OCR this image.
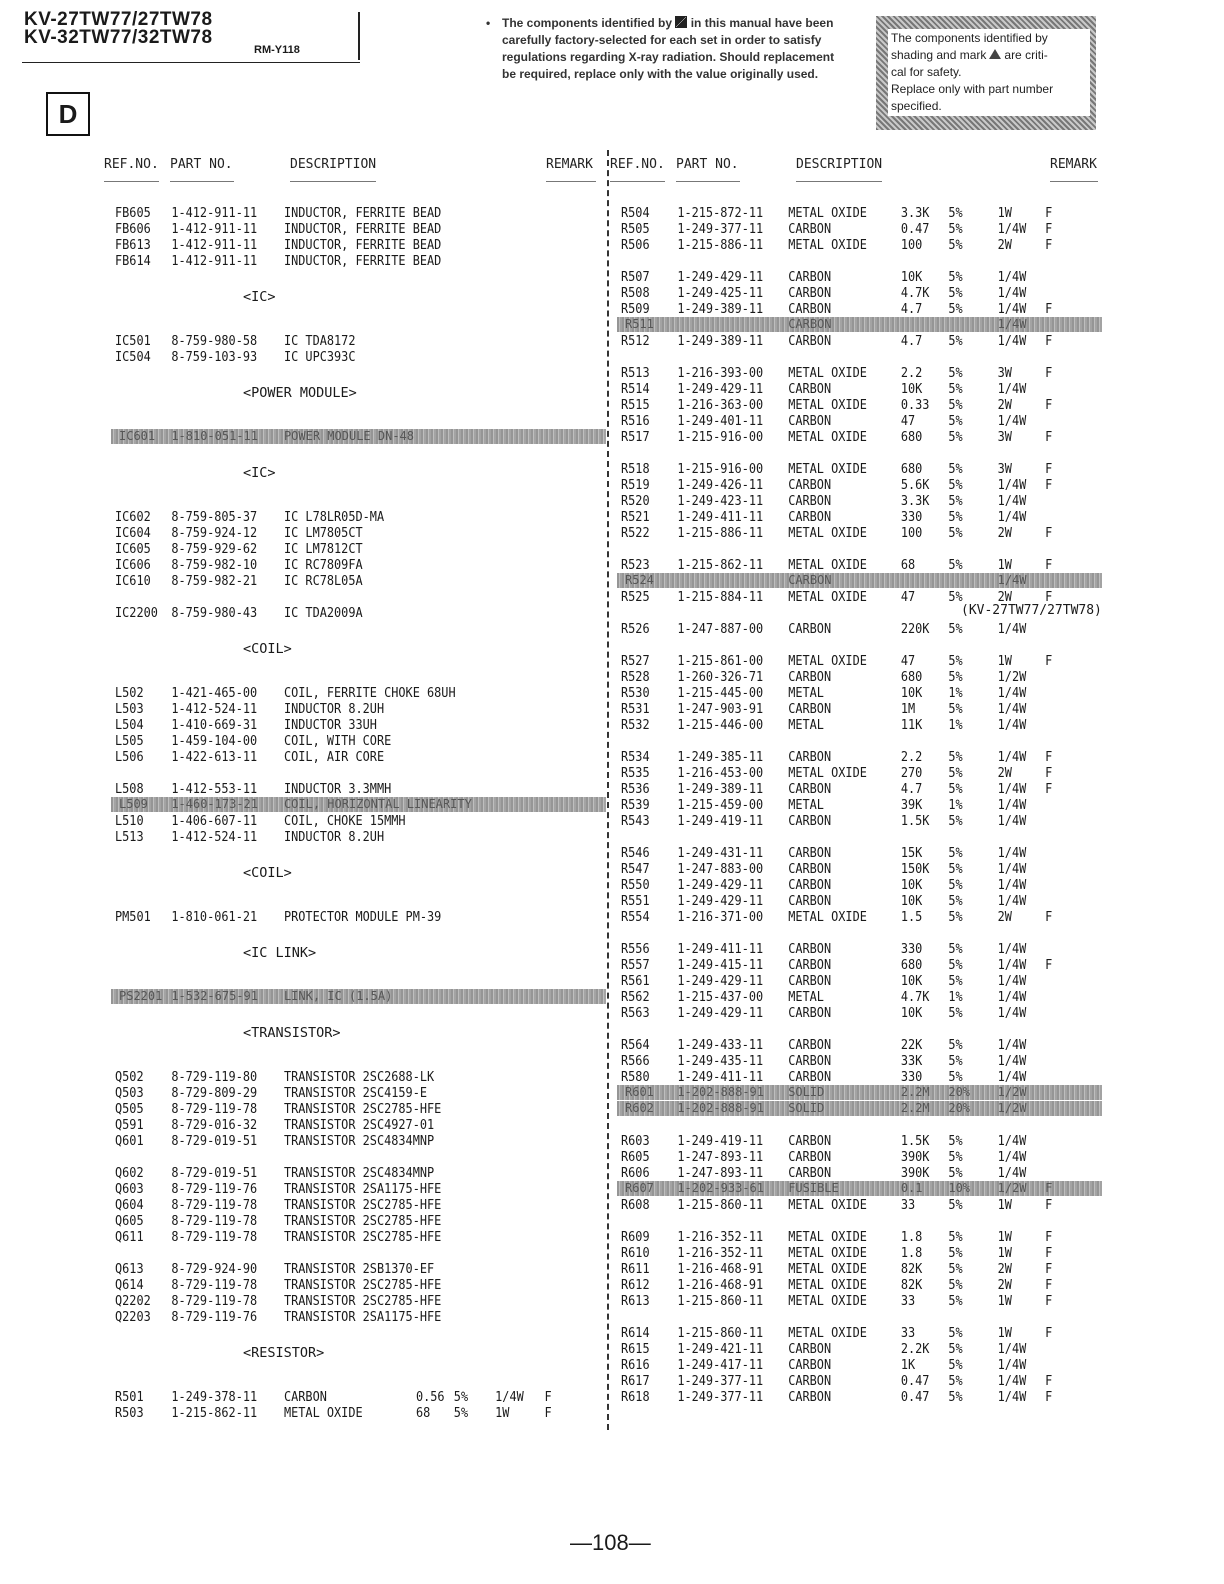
KV-27TW77/27TW78
KV-32TW77/32TW78
RM-Y118
D
• The components identified by in this manual have been carefully factory-selected for each set in order to satisfy regulations regarding X-ray radiation. Should replacement be required, replace only with the value originally used.
The components identified by
shading and mark are criti-
cal for safety.
Replace only with part number
specified.
REF.NO. PART NO.	DESCRIPTION	REMARK REF.NO. PART NO.	DESCRIPTION	REMARK
FB605 1-412-911-11 INDUCTOR, FERRITE BEAD
FB606 1-412-911-11 INDUCTOR, FERRITE BEAD
FB613 1-412-911-11 INDUCTOR, FERRITE BEAD
FB614 1-412-911-11 INDUCTOR, FERRITE BEAD
<IC>
IC501 8-759-980-58 IC TDA8172
IC504 8-759-103-93 IC UPC393C
<POWER MODULE>
IC601 1-810-051-11 POWER MODULE DN-48
<IC>
IC602 8-759-805-37 IC L78LR05D-MA
IC604 8-759-924-12 IC LM7805CT
IC605 8-759-929-62 IC LM7812CT
IC606 8-759-982-10 IC RC7809FA
IC610 8-759-982-21 IC RC78L05A
IC2200 8-759-980-43 IC TDA2009A
<COIL>
L502 1-421-465-00 COIL, FERRITE CHOKE 68UH
L503 1-412-524-11 INDUCTOR 8.2UH
L504 1-410-669-31 INDUCTOR 33UH
L505 1-459-104-00 COIL, WITH CORE
L506 1-422-613-11 COIL, AIR CORE
L508 1-412-553-11 INDUCTOR 3.3MMH
L509 1-460-173-21 COIL, HORIZONTAL LINEARITY
L510 1-406-607-11 COIL, CHOKE 15MMH
L513 1-412-524-11 INDUCTOR 8.2UH
<COIL>
PM501 1-810-061-21 PROTECTOR MODULE PM-39
<IC LINK>
PS2201 1-532-675-91 LINK, IC (1.5A)
<TRANSISTOR>
Q502 8-729-119-80 TRANSISTOR 2SC2688-LK
Q503 8-729-809-29 TRANSISTOR 2SC4159-E
Q505 8-729-119-78 TRANSISTOR 2SC2785-HFE
Q591 8-729-016-32 TRANSISTOR 2SC4927-01
Q601 8-729-019-51 TRANSISTOR 2SC4834MNP
Q602 8-729-019-51 TRANSISTOR 2SC4834MNP
Q603 8-729-119-76 TRANSISTOR 2SA1175-HFE
Q604 8-729-119-78 TRANSISTOR 2SC2785-HFE
Q605 8-729-119-78 TRANSISTOR 2SC2785-HFE
Q611 8-729-119-78 TRANSISTOR 2SC2785-HFE
Q613 8-729-924-90 TRANSISTOR 2SB1370-EF
Q614 8-729-119-78 TRANSISTOR 2SC2785-HFE
Q2202 8-729-119-78 TRANSISTOR 2SC2785-HFE
Q2203 8-729-119-76 TRANSISTOR 2SA1175-HFE
<RESISTOR>
R501 1-249-378-11 CARBON	0.56 5% 1/4W F
R503 1-215-862-11 METAL OXIDE	68 5% 1W	F
R504 1-215-872-11 METAL OXIDE	3.3K 5%	1W F
R505 1-249-377-11 CARBON	0.47 5%	1/4W F
R506 1-215-886-11 METAL OXIDE	100 5%	2W F
R507 1-249-429-11 CARBON	10K 5%	1/4W
R508 1-249-425-11 CARBON	4.7K 5%	1/4W
R509 1-249-389-11 CARBON	4.7 5%	1/4W F
R511	CARBON	1/4W
R512 1-249-389-11 CARBON	4.7 5%	1/4W F
R513 1-216-393-00 METAL OXIDE	2.2 5%	3W F
R514 1-249-429-11 CARBON	10K 5%	1/4W
R515 1-216-363-00 METAL OXIDE	0.33 5%	2W F
R516 1-249-401-11 CARBON	47 5%	1/4W
R517 1-215-916-00 METAL OXIDE	680 5%	3W F
R518 1-215-916-00 METAL OXIDE	680 5%	3W F
R519 1-249-426-11 CARBON	5.6K 5%	1/4W F
R520 1-249-423-11 CARBON	3.3K 5%	1/4W
R521 1-249-411-11 CARBON	330 5%	1/4W
R522 1-215-886-11 METAL OXIDE	100 5%	2W F
R523 1-215-862-11 METAL OXIDE	68 5%	1W F
R524	CARBON	1/4W
R525 1-215-884-11 METAL OXIDE	47 5%	2W F
(KV-27TW77/27TW78)
R526 1-247-887-00 CARBON	220K 5%	1/4W
R527 1-215-861-00 METAL OXIDE	47 5%	1W F
R528 1-260-326-71 CARBON	680 5%	1/2W
R530 1-215-445-00 METAL	10K 1%	1/4W
R531 1-247-903-91 CARBON	1M 5%	1/4W
R532 1-215-446-00 METAL	11K 1%	1/4W
R534 1-249-385-11 CARBON	2.2 5%	1/4W F
R535 1-216-453-00 METAL OXIDE	270 5%	2W F
R536 1-249-389-11 CARBON	4.7 5%	1/4W F
R539 1-215-459-00 METAL	39K 1%	1/4W
R543 1-249-419-11 CARBON	1.5K 5%	1/4W
R546 1-249-431-11 CARBON	15K 5%	1/4W
R547 1-247-883-00 CARBON	150K 5%	1/4W
R550 1-249-429-11 CARBON	10K 5%	1/4W
R551 1-249-429-11 CARBON	10K 5%	1/4W
R554 1-216-371-00 METAL OXIDE	1.5 5%	2W F
R556 1-249-411-11 CARBON	330 5%	1/4W
R557 1-249-415-11 CARBON	680 5%	1/4W F
R561 1-249-429-11 CARBON	10K 5%	1/4W
R562 1-215-437-00 METAL	4.7K 1%	1/4W
R563 1-249-429-11 CARBON	10K 5%	1/4W
R564 1-249-433-11 CARBON	22K 5%	1/4W
R566 1-249-435-11 CARBON	33K 5%	1/4W
R580 1-249-411-11 CARBON	330 5%	1/4W
R601 1-202-888-91 SOLID	2.2M 20% 1/2W
R602 1-202-888-91 SOLID	2.2M 20% 1/2W
R603 1-249-419-11 CARBON	1.5K 5%	1/4W
R605 1-247-893-11 CARBON	390K 5%	1/4W
R606 1-247-893-11 CARBON	390K 5%	1/4W
R607 1-202-933-61 FUSIBLE	0.1 10% 1/2W F
R608 1-215-860-11 METAL OXIDE	33 5%	1W F
R609 1-216-352-11 METAL OXIDE	1.8 5%	1W F
R610 1-216-352-11 METAL OXIDE	1.8 5%	1W F
R611 1-216-468-91 METAL OXIDE	82K 5%	2W F
R612 1-216-468-91 METAL OXIDE	82K 5%	2W F
R613 1-215-860-11 METAL OXIDE	33 5%	1W F
R614 1-215-860-11 METAL OXIDE	33 5%	1W F
R615 1-249-421-11 CARBON	2.2K 5%	1/4W
R616 1-249-417-11 CARBON	1K 5%	1/4W
R617 1-249-377-11 CARBON	0.47 5%	1/4W F
R618 1-249-377-11 CARBON	0.47 5%	1/4W F
—108—
